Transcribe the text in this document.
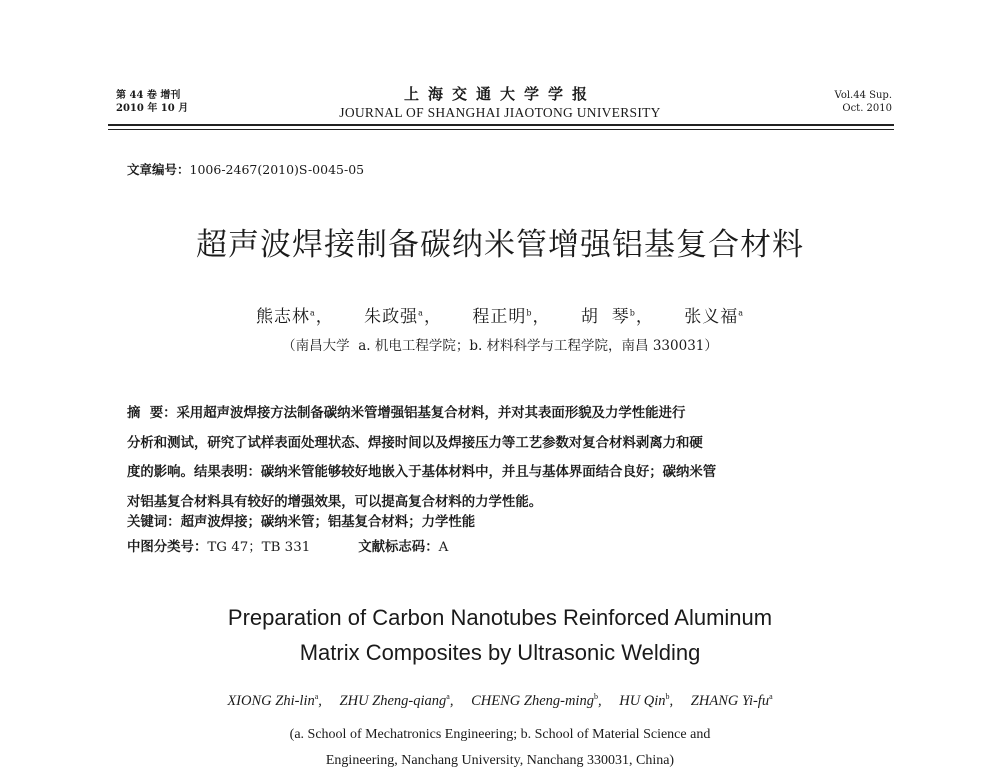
第 44 卷 增刊
2010 年 10 月
上海交通大学学报
JOURNAL OF SHANGHAI JIAOTONG UNIVERSITY
Vol.44 Sup.
Oct. 2010
文章编号：1006-2467(2010)S-0045-05
超声波焊接制备碳纳米管增强铝基复合材料
熊志林$^a$， 朱政强$^a$， 程正明$^b$， 胡  琴$^b$， 张义福$^a$
（南昌大学  a. 机电工程学院；b. 材料科学与工程学院，南昌 330031）
摘  要：采用超声波焊接方法制备碳纳米管增强铝基复合材料，并对其表面形貌及力学性能进行
分析和测试，研究了试样表面处理状态、焊接时间以及焊接压力等工艺参数对复合材料剥离力和硬
度的影响。结果表明：碳纳米管能够较好地嵌入于基体材料中，并且与基体界面结合良好；碳纳米管
对铝基复合材料具有较好的增强效果，可以提高复合材料的力学性能。
关键词：超声波焊接；碳纳米管；铝基复合材料；力学性能
中图分类号：TG 47；TB 331	文献标志码：A
Preparation of Carbon Nanotubes Reinforced Aluminum
Matrix Composites by Ultrasonic Welding
XIONG Zhi-lin$^a$, ZHU Zheng-qiang$^a$, CHENG Zheng-ming$^b$, HU Qin$^b$, ZHANG $Yi-fu^a$
(a. School of Mechatronics Engineering; b. School of Material Science and
Engineering, Nanchang University, Nanchang 330031, China)
